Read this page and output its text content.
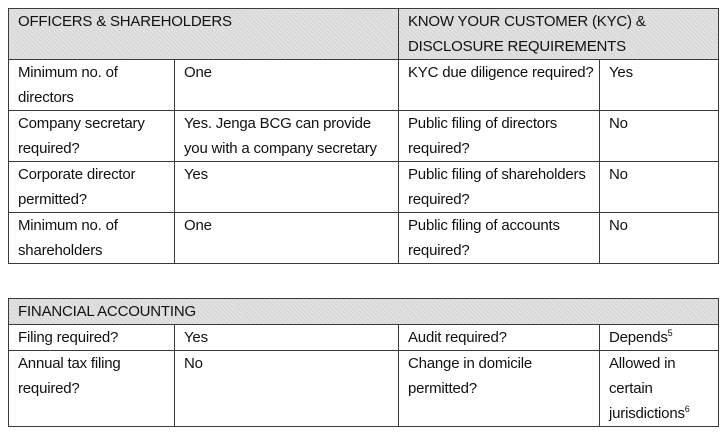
OFFICERS & SHAREHOLDERS		KNOW YOUR CUSTOMER (KYC) & DISCLOSURE REQUIREMENTS	
Minimum no. of directors	One	KYC due diligence required?	Yes
Company secretary required?	Yes. Jenga BCG can provide you with a company secretary	Public filing of directors required?	No
Corporate director permitted?	Yes	Public filing of shareholders required?	No
Minimum no. of shareholders	One	Public filing of accounts required?	No
FINANCIAL ACCOUNTING			
Filing required?	Yes	Audit required?	Depends$^5$
Annual tax filing required?	No	Change in domicile permitted?	Allowed in certain jurisdictions$^6$
